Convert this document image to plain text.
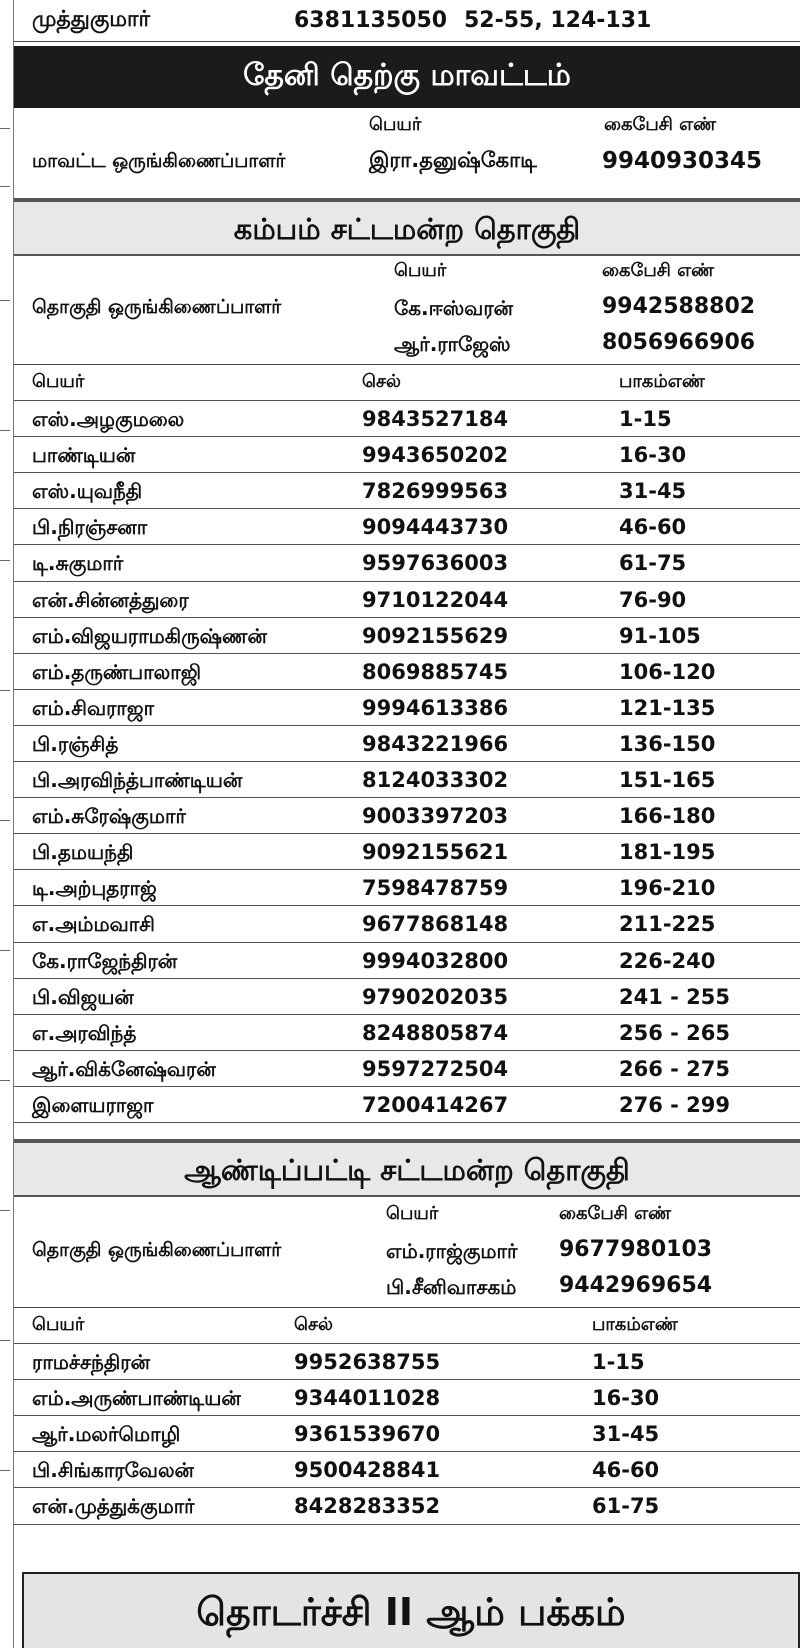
முத்துகுமார்	6381135050 52-55, 124-131
தேனி தெற்கு மாவட்டம்
பெயர்	கைபேசி எண்
மாவட்ட ஒருங்கிணைப்பாளர்	இரா.தனுஷ்கோடி	9940930345
கம்பம் சட்டமன்ற தொகுதி
பெயர்	கைபேசி எண்
தொகுதி ஒருங்கிணைப்பாளர்	கே.ஈஸ்வரன்	9942588802
ஆர்.ராஜேஸ்	8056966906
பெயர்	செல்	பாகம்எண்
எஸ்.அழகுமலை	9843527184	1-15
பாண்டியன்	9943650202	16-30
எஸ்.யுவநீதி	7826999563	31-45
பி.நிரஞ்சனா	9094443730	46-60
டி.சுகுமார்	9597636003	61-75
என்.சின்னத்துரை	9710122044	76-90
எம்.விஜயராமகிருஷ்ணன்	9092155629	91-105
எம்.தருண்பாலாஜி	8069885745	106-120
எம்.சிவராஜா	9994613386	121-135
பி.ரஞ்சித்	9843221966	136-150
பி.அரவிந்த்பாண்டியன்	8124033302	151-165
எம்.சுரேஷ்குமார்	9003397203	166-180
பி.தமயந்தி	9092155621	181-195
டி.அற்புதராஜ்	7598478759	196-210
எ.அம்மவாசி	9677868148	211-225
கே.ராஜேந்திரன்	9994032800	226-240
பி.விஜயன்	9790202035	241 - 255
எ.அரவிந்த்	8248805874	256 - 265
ஆர்.விக்னேஷ்வரன்	9597272504	266 - 275
இளையராஜா	7200414267	276 - 299
ஆண்டிப்பட்டி சட்டமன்ற தொகுதி
பெயர்	கைபேசி எண்
தொகுதி ஒருங்கிணைப்பாளர்	எம்.ராஜ்குமார் 9677980103
பி.சீனிவாசகம் 9442969654
பெயர்	செல்	பாகம்எண்
ராமச்சந்திரன்	9952638755	1-15
எம்.அருண்பாண்டியன்	9344011028	16-30
ஆர்.மலர்மொழி	9361539670	31-45
பி.சிங்காரவேலன்	9500428841	46-60
என்.முத்துக்குமார்	8428283352	61-75
தொடர்ச்சி II ஆம் பக்கம்
